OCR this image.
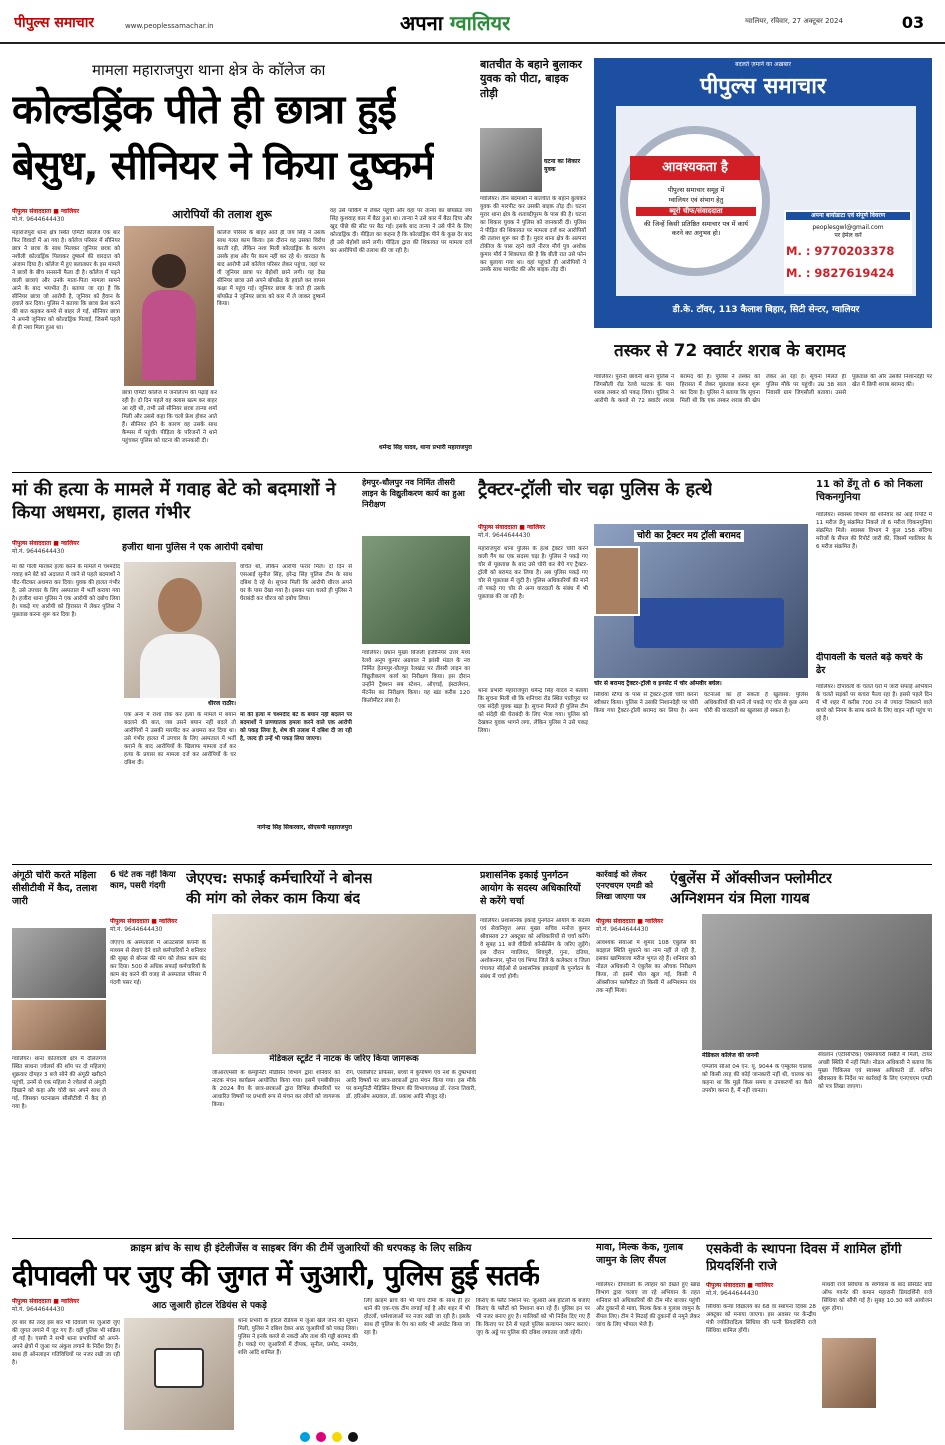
पीपुल्स समाचार	www.peoplessamachar.in	अपना ग्वालियर	ग्वालियर, रविवार, 27 अक्टूबर 2024	03
मामला महाराजपुरा थाना क्षेत्र के कॉलेज का
कोल्डड्रिंक पीते ही छात्रा हुई
बेसुध, सीनियर ने किया दुष्कर्म
पीपुल्स संवाददाता ■ ग्वालियर
मो.नं. 9644644430	आरोपियों की तलाश शुरू
महाराजपुरा थाना क्षेत्र स्थित एमिटी कॉलेज एक बार फिर विवादों में आ गया है। कॉलेज परिसर में सीनियर छात्र ने छात्रा के साथ मिलकर जूनियर छात्रा को नशीली कोल्डड्रिंक पिलाकर दुष्कर्म की वारदात को अंजाम दिया है। कॉलेज में हुए बलात्कार के इस मामले ने छात्रों के बीच सनसनी फैला दी है। कॉलेज में पढ़ने वाली छात्राएं और उनके माता-पिता मामला सामने आने के बाद भयभीत हैं। बताया जा रहा है कि सीनियर छात्रा जो आरोपी है, जूनियर को हैवान के हवाले कर दिया। पुलिस ने बताया कि छात्रा फ्रेश करने की बात कहकर कमरे से बाहर ले गई, सीनियर छात्रा ने अपनी जूनियर को कोल्डड्रिंक पिलाई, जिसमें पहले से ही नशा मिला हुआ था।
कॉलेज परिसर के बाहर आते ही जय सिंह ने उसके साथ गलत काम किया। इस दौरान वह उसका विरोध करती रही, लेकिन नशा मिली कोल्डड्रिंक के कारण उसके हाथ और पैर काम नहीं कर रहे थे। वारदात के बाद आरोपी उसे कॉलेज परिसर लेकर पहुंचा, जहां पर वी जूनियर छात्रा पर बेहोशी छाने लगी। यह देख सीनियर छात्रा उसे अपने बॉयफ्रेंड के हवाले कर वापस कक्षा में पहुंच गई। जूनियर छात्रा के जाते ही उसके बॉयफ्रेंड ने जूनियर छात्रा को कार में ले जाकर दुष्कर्म किया।
छात्रा एमिटी कॉलेज में जनलिज्म की पढ़ाई कर रही है। दो दिन पहले वह क्लास खत्म कर बाहर आ रही थी, तभी उसे सीनियर छात्रा तान्या शर्मा मिली और उससे कहा कि चलो फ्रेश होकर आते हैं। सीनियर होने के कारण वह उसके साथ कैम्पस में पहुंची। पीड़िता के परिजनों ने थाने पहुंचकर पुलिस को घटना की जानकारी दी।
वह उसे पार्किंग में लेकर पहुंची और वहां पर तान्या का बॉयफ्रेंड जय सिंह कुशवाह कार में बैठा हुआ था। तान्या ने उसे कार में बैठा दिया और खुद पीछे की सीट पर बैठ गई। इसके बाद तान्या ने उसे पीने के लिए कोल्डड्रिंक दी। पीड़िता का कहना है कि कोल्डड्रिंक पीने के कुछ देर बाद ही उसे बेहोशी छाने लगी। पीड़िता द्वारा की शिकायत पर मामला दर्ज कर आरोपियों की तलाश की जा रही है।
धर्मेन्द्र सिंह यादव, थाना प्रभारी महाराजपुरा
बातचीत के बहाने बुलाकर युवक को पीटा, बाइक तोड़ी
घटना का शिकार युवक
ग्वालियर। तीन बदमाशों ने बातचीत के बहाने बुलाकर युवक की मारपीट कर उसकी बाइक तोड़ दी। घटना मुरार थाना क्षेत्र के शताब्दीपुरम के पास की है। घटना का शिकार युवक ने पुलिस को जानकारी दी। पुलिस ने पीड़ित की शिकायत पर मामला दर्ज कर आरोपियों की तलाश शुरू कर दी है। मुरार थाना क्षेत्र के अल्पना टॉकीज के पास रहने वाले नीरज मौर्य पुत्र अशोक कुमार मौर्य ने शिकायत की है कि बीती रात उसे फोन कर बुलाया गया था। वहां पहुंचते ही आरोपियों ने उसके साथ मारपीट की और बाइक तोड़ दी।
बदलते ज़माने का अख़बार
पीपुल्स समाचार
आवश्यकता है
पीपुल्स समाचार समूह में
ग्वालियर एवं संभाग हेतु
ब्यूरो चीफ/संवाददाता
की जिन्हें किसी प्रतिष्ठित समाचार पत्र में कार्य करने का अनुभव हो।
अपना बायोडाटा एवं संपूर्ण विवरण
peoplesgwl@gmail.com
पर ईमेल करें
M. : 9770203378
M. : 9827619424
डी.के. टॉवर, 113 कैलाश बिहार, सिटी सेन्टर, ग्वालियर
तस्कर से 72 क्वार्टर शराब के बरामद
ग्वालियर। पुरानी छावनी थाना पुलिस ने जिगसौली रोड रेलवे फाटक के पास शराब तस्कर को पकड़ लिया। पुलिस ने आरोपी के कब्जे से 72 क्वार्टर शराब बरामद की है। पुलिस ने तस्कर को हिरासत में लेकर पूछताछ करना शुरू कर दिया है। पुलिस ने बताया कि सूचना मिली थी कि एक तस्कर शराब की खेप लेकर आ रहा है। सूचना मिलते ही पुलिस मौके पर पहुंची। उम्र 38 साल निवासी ग्राम जिगसौली बताया। उससे पूछताछ की और उसकी निशानदेही पर खेत में छिपी शराब बरामद की।
मां की हत्या के मामले में गवाह बेटे को बदमाशों ने किया अधमरा, हालत गंभीर
पीपुल्स संवाददाता ■ ग्वालियर
मो.नं. 9644644430	हजीरा थाना पुलिस ने एक आरोपी दबोचा
मां की गोली मारकर हत्या करने के मामले में चश्मदीद गवाह बने बेटे को अदालत में जाने से पहले बदमाशों ने पीट-पीटकर अधमरा कर दिया। युवक की हालत गंभीर है, उसे उपचार के लिए अस्पताल में भर्ती कराया गया है। हजीरा थाना पुलिस ने एक आरोपी को दबोच लिया है। पकड़े गए आरोपी को हिरासत में लेकर पुलिस ने पूछताछ करना शुरू कर दिया है।
धीरज राठौर।
वचित थी, लेकिन आरोपी फरार मिले। दो दिन से एसआई सुनील सिंह, हरेन्द्र सिंह पुलिस टीम के साथ दबिश दे रहे थे। सूचना मिली कि आरोपी धीरज अपने घर के पास देखा गया है। इसका पता चलते ही पुलिस ने घेराबंदी कर धीरज को दबोच लिया।
एक अन्य मे राशा रोक कर हत्या के मामले में बयान बदलने की बात, जब उसने बयान नहीं बदले तो आरोपियों ने उसकी मारपीट कर अधमरा कर दिया था। उसे गंभीर हालत में उपचार के लिए अस्पताल में भर्ती कराने के बाद आरोपियों के खिलाफ मामला दर्ज कर हत्या के प्रयास का मामला दर्ज कर आरोपियों के घर दबिश दी।
मां की हत्या में चश्मदीद बेटे के बयान नहीं बदलने पर बदमाशों ने प्राणघातक हमला करने वाले एक आरोपी को पकड़ लिया है, शेष की तलाश में दबिश दी जा रही है, जल्द ही उन्हें भी पकड़ लिया जाएगा।
नागेन्द्र सिंह सिकरवार, सीएसपी महाराजपुरा
हेमपुर-धौलपुर नव निर्मित तीसरी लाइन के विद्युतीकरण कार्य का हुआ निरीक्षण
ग्वालियर। प्रधान मुख्य बिजली इंजीनियर उत्तर मध्य रेलवे अनूप कुमार अग्रवाल ने झांसी मंडल के नव निर्मित हेतमपुर-धौलपुर रेलखंड पर तीसरी लाइन का विद्युतीकरण कार्य का निरीक्षण किया। इस दौरान उन्होंने ट्रैक्शन सब स्टेशन, ओएचई, इंस्टालेशन, मेंटनेंस का निरीक्षण किया। यह खंड करीब 120 किलोमीटर लंबा है।
ट्रैक्टर-ट्रॉली चोर चढ़ा पुलिस के हत्थे
पीपुल्स संवाददाता ■ ग्वालियर
मो.नं. 9644644430
महाराजपुरा थाना पुलिस के हत्थे ट्रैक्टर चोरी करने वाली गैंग का एक सदस्य चढ़ा है। पुलिस ने पकड़े गए चोर से पूछताछ के बाद उसे चोरी कर बेचे गए ट्रैक्टर-ट्रॉली को बरामद कर लिया है। अब पुलिस पकड़े गए चोर से पूछताछ में जुटी है। पुलिस अधिकारियों की मानें तो पकड़े गए चोर से अन्य वारदातों के संबंध में भी पूछताछ की जा रही है।
चोरी का ट्रैक्टर मय ट्रॉली बरामद
चोर से बरामद ट्रैक्टर-ट्रॉली व इनसेट में चोर ओमवीर बघेल।
थाना प्रभारी महाराजपुरा धर्मेन्द्र सिंह यादव ने बताया कि सूचना मिली थी कि शनिचरा रोड स्थित पातीपुरा पर एक संदेही युवक खड़ा है। सूचना मिलते ही पुलिस टीम को संदेही की घेराबंदी के लिए भेजा गया। पुलिस को देखकर युवक भागने लगा, लेकिन पुलिस ने उसे पकड़ लिया।
सिंधिया स्टैण्ड के पास से ट्रैक्टर-ट्रॉली चोरी करना स्वीकार किया। पुलिस ने उसकी निशानदेही पर चोरी किया गया ट्रैक्टर-ट्रॉली बरामद कर लिया है। अन्य घटनाओं का हो सकता है खुलासा: पुलिस अधिकारियों की मानें तो पकड़े गए चोर से कुछ अन्य चोरी की वारदातों का खुलासा हो सकता है।
11 को डेंगू तो 6 को निकला चिकनगुनिया
ग्वालियर। स्वास्थ्य विभाग की शनिवार को आई रिपोर्ट में 11 मरीज डेंगू संक्रमित निकले तो 6 मरीज चिकनगुनिया संक्रमित मिले। स्वास्थ्य विभाग ने कुल 158 संदिग्ध मरीजों के सैंपल की रिपोर्ट जारी की, जिसमें ग्वालियर के 6 मरीज संक्रमित हैं।
दीपावली के चलते बढ़े कचरे के ढेर
ग्वालियर। दीपावली के चलते घरों में जारी सफाई अभियान के चलते सड़कों पर कचरा फैला रहा है। इससे पहले दिन में भी शहर में करीब 700 टन से ज्यादा निकलने वाले कचरे को निगम के साफ करने के लिए वाहन नहीं पहुंच पा रहे हैं।
अंगूठी चोरी करते महिला सीसीटीवी में कैद, तलाश जारी
ग्वालियर। थाना कोतवाली क्षेत्र में दौलतगंज स्थित साधना ज्वेलर्स की शॉप पर दो महिलाएं शुक्रवार दोपहर 3 बजे सोने की अंगूठी खरीदने पहुंचीं, उनमें से एक महिला ने ज्वेलर्स से अंगूठी दिखाने को कहा और चोरी कर अपने साथ ले गई, जिसका घटनाक्रम सीसीटीवी में कैद हो गया है।
6 घंटे तक नहीं किया काम, पसरी गंदगी	जेएएच: सफाई कर्मचारियों ने बोनस
की मांग को लेकर काम किया बंद
पीपुल्स संवाददाता ■ ग्वालियर
मो.नं. 9644644430
जेएएच के अस्पतालों में आउटसोर्स कंपनी के माध्यम से सेवाएं देने वाले कर्मचारियों ने शनिवार की सुबह से बोनस की मांग को लेकर काम बंद कर दिया। 500 से अधिक सफाई कर्मचारियों के काम बंद करने की वजह से अस्पताल परिसर में गंदगी पसर गई।
मेडिकल स्टूडेंट ने नाटक के जरिए किया जागरूक
जीआरएमसी के कम्युनिटी मेडिसिन विभाग द्वारा शनिवार को नाटक मंचन कार्यक्रम आयोजित किया गया। इसमें एमबीबीएस के 2024 बैच के छात्र-छात्राओं द्वारा विभिन्न बीमारियों पर आधारित विषयों पर प्रभावी रूप से मंचन कर लोगों को जागरूक किया।
रोग, एसोसिएट प्रोफेसर, बच्चों में कुपोषण एवं नशे के दुष्प्रभावों आदि विषयों पर छात्र-छात्राओं द्वारा मंचन किया गया। इस मौके पर कम्युनिटी मेडिसिन विभाग की विभागाध्यक्ष डॉ. रंजना तिवारी, डॉ. हरिओम अग्रवाल, डॉ. प्रकाश आदि मौजूद रहे।
प्रशासनिक इकाई पुनर्गठन आयोग के सदस्य अधिकारियों से करेंगे चर्चा
ग्वालियर। प्रशासनिक इकाई पुनर्गठन आयोग के सदस्य एवं सेवानिवृत्त अपर मुख्य सचिव मनोज कुमार श्रीवास्तव 27 अक्टूबर को अधिकारियों से चर्चा करेंगे। वे सुबह 11 बजे वीडियो कॉन्फ्रेंसिंग के जरिए जुड़ेंगे। इस दौरान ग्वालियर, शिवपुरी, गुना, दतिया, अशोकनगर, मुरैना एवं भिण्ड जिले के कलेक्टर व जिला पंचायत सीईओ से प्रशासनिक इकाइयों के पुनर्गठन के संबंध में चर्चा होगी।
कार्रवाई को लेकर एनएचएम एमडी को लिखा जाएगा पत्र
एंबुलेंस में ऑक्सीजन फ्लोमीटर
अग्निशमन यंत्र मिला गायब
पीपुल्स संवाददाता ■ ग्वालियर
मो.नं. 9644644430
आवश्यक सेवाओं में शुमार 108 एंबुलेंस की बदहाल स्थिति सुधरने का नाम नहीं ले रही है, इसका खामियाजा मरीज भुगत रहे हैं। शनिवार को नोडल अधिकारी ने एंबुलेंस का औचक निरीक्षण किया, तो इसमें पोल खुल गई, किसी में ऑक्सीजन फ्लोमीटर तो किसी में अग्निशमन यंत्र तक नहीं मिला।
मेडिकल कॉलेज की जननी
एम्प्लॉय सीओ 04 एन. यू. 9044 के एम्बुलेंस चालक को किसी तरह की कोई जानकारी नहीं थी, चालक का कहना था कि मुझे किस समय व उपकरणों का कैसे उपयोग करना है, मैं नहीं जानता।
सेवलॉन (एंटीसेप्टिक) एक्सपायरी स्थिति में मिली, टायर अच्छी स्थिति में नहीं मिले। नोडल अधिकारी ने बताया कि मुख्य चिकित्सा एवं स्वास्थ्य अधिकारी डॉ. सचिन श्रीवास्तव के निर्देश पर कार्रवाई के लिए एनएचएम एमडी को पत्र लिखा जाएगा।
क्राइम ब्रांच के साथ ही इंटेलीजेंस व साइबर विंग की टीमें जुआरियों की धरपकड़ के लिए सक्रिय
दीपावली पर जुए की जुगत में जुआरी, पुलिस हुई सतर्क
पीपुल्स संवाददाता ■ ग्वालियर
मो.नं. 9644644430	आठ जुआरी होटल रेडियंस से पकड़े
हर बार की तरह इस बार भी दिवाली पर जुआरी जुए की जुगत लगाने में जुट गए हैं। वहीं पुलिस भी सक्रिय हो गई है। एसपी ने सभी थाना प्रभारियों को अपने-अपने क्षेत्रों में जुआ पर अंकुश लगाने के निर्देश दिए हैं। साथ ही ऑनलाइन गतिविधियों पर नजर रखी जा रही है।
थाना प्रभारी के होटल रेडियंस में जुआ खेले जाने की सूचना मिली, पुलिस ने दबिश देकर आठ जुआरियों को पकड़ लिया। पुलिस ने इनके कब्जे से नकदी और ताश की गड्डी बरामद की है। पकड़े गए जुआरियों में दीपक, सुनील, प्रमोद, नामदेव, शशि आदि शामिल हैं।
लिए क्राइम ब्रांच की भी पांच टीमों के साथ ही हर थाने की एक-एक टीम लगाई गई है और शहर में भी होटलों, धर्मशालाओं पर नजर रखी जा रही है। इसके साथ ही पुलिस के ऐप का सर्वर भी अपडेट किया जा रहा है।
किराए के फ्लैट निशाने पर: जुआरी अब होटलों के बजाए किराए के फ्लैटों को निशाना बना रहे हैं। पुलिस इन पर भी नजर बनाए हुए है। मालिकों को भी निर्देश दिए गए हैं कि किराए पर देने से पहले पुलिस सत्यापन जरूर कराएं। जुए के अड्डे पर पुलिस की दबिश लगातार जारी रहेगी।
मावा, मिल्क केक, गुलाब जामुन के लिए सैंपल
ग्वालियर। दीपावली के त्योहार को देखते हुए खाद्य विभाग द्वारा चलाए जा रहे अभियान के तहत शनिवार को अधिकारियों की टीम मोर बाजार पहुंची और दुकानों से मावा, मिल्क केक व गुलाब जामुन के सैंपल लिए। टीम ने मिठाई की दुकानों से नमूने लेकर जांच के लिए भोपाल भेजे हैं।
एसकेवी के स्थापना दिवस में शामिल होंगी प्रियदर्शिनी राजे
पीपुल्स संवाददाता ■ ग्वालियर
मो.नं. 9644644430
सिंधिया कन्या विद्यालय का 68 वां स्थापना दिवस 28 अक्टूबर को मनाया जाएगा। इस अवसर पर केन्द्रीय मंत्री ज्योतिरादित्य सिंधिया की पत्नी प्रियदर्शिनी राजे सिंधिया शामिल होंगी।
माधवी राजे सिंधिया के स्वर्गवास के बाद प्रेसिडेंट बोर्ड ऑफ गवर्नर की कमान महारानी प्रियदर्शिनी राजे सिंधिया को सौंपी गई है। सुबह 10.30 बजे आयोजन शुरू होगा।
